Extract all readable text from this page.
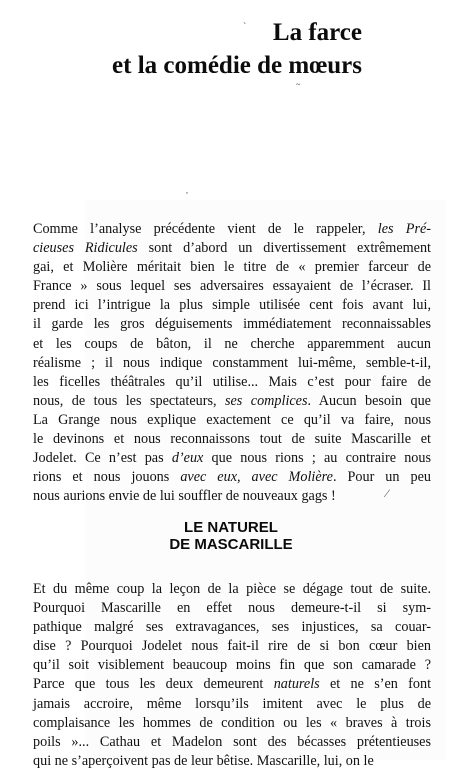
La farce
et la comédie de mœurs
`
~
,
⁄
Comme l’analyse précédente vient de le rappeler, les Pré-
cieuses Ridicules sont d’abord un divertissement extrêmement
gai, et Molière méritait bien le titre de « premier farceur de
France » sous lequel ses adversaires essayaient de l’écraser. Il
prend ici l’intrigue la plus simple utilisée cent fois avant lui,
il garde les gros déguisements immédiatement reconnaissables
et les coups de bâton, il ne cherche apparemment aucun
réalisme ; il nous indique constamment lui-même, semble-t-il,
les ficelles théâtrales qu’il utilise... Mais c’est pour faire de
nous, de tous les spectateurs, ses complices. Aucun besoin que
La Grange nous explique exactement ce qu’il va faire, nous
le devinons et nous reconnaissons tout de suite Mascarille et
Jodelet. Ce n’est pas d’eux que nous rions ; au contraire nous
rions et nous jouons avec eux, avec Molière. Pour un peu
nous aurions envie de lui souffler de nouveaux gags !
LE NATUREL
DE MASCARILLE
Et du même coup la leçon de la pièce se dégage tout de suite.
Pourquoi Mascarille en effet nous demeure-t-il si sym-
pathique malgré ses extravagances, ses injustices, sa couar-
dise ? Pourquoi Jodelet nous fait-il rire de si bon cœur bien
qu’il soit visiblement beaucoup moins fin que son camarade ?
Parce que tous les deux demeurent naturels et ne s’en font
jamais accroire, même lorsqu’ils imitent avec le plus de
complaisance les hommes de condition ou les « braves à trois
poils »... Cathau et Madelon sont des bécasses prétentieuses
qui ne s’aperçoivent pas de leur bêtise. Mascarille, lui, on le
